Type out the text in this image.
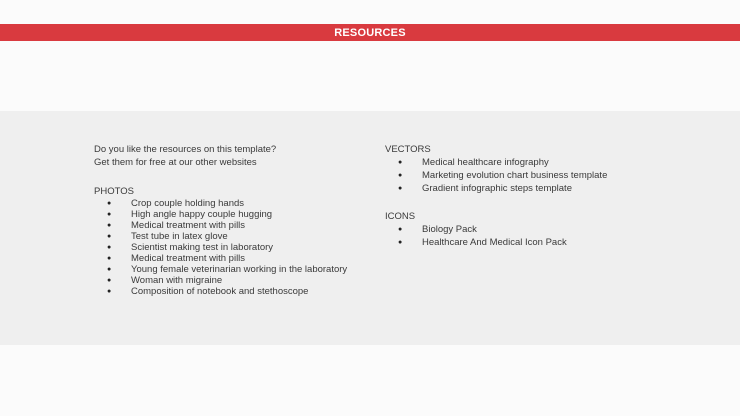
RESOURCES
Do you like the resources on this template?
Get them for free at our other websites
PHOTOS
● Crop couple holding hands
● High angle happy couple hugging
● Medical treatment with pills
● Test tube in latex glove
● Scientist making test in laboratory
● Medical treatment with pills
● Young female veterinarian working in the laboratory
● Woman with migraine
● Composition of notebook and stethoscope
VECTORS
● Medical healthcare infography
● Marketing evolution chart business template
● Gradient infographic steps template
ICONS
● Biology Pack
● Healthcare And Medical Icon Pack
